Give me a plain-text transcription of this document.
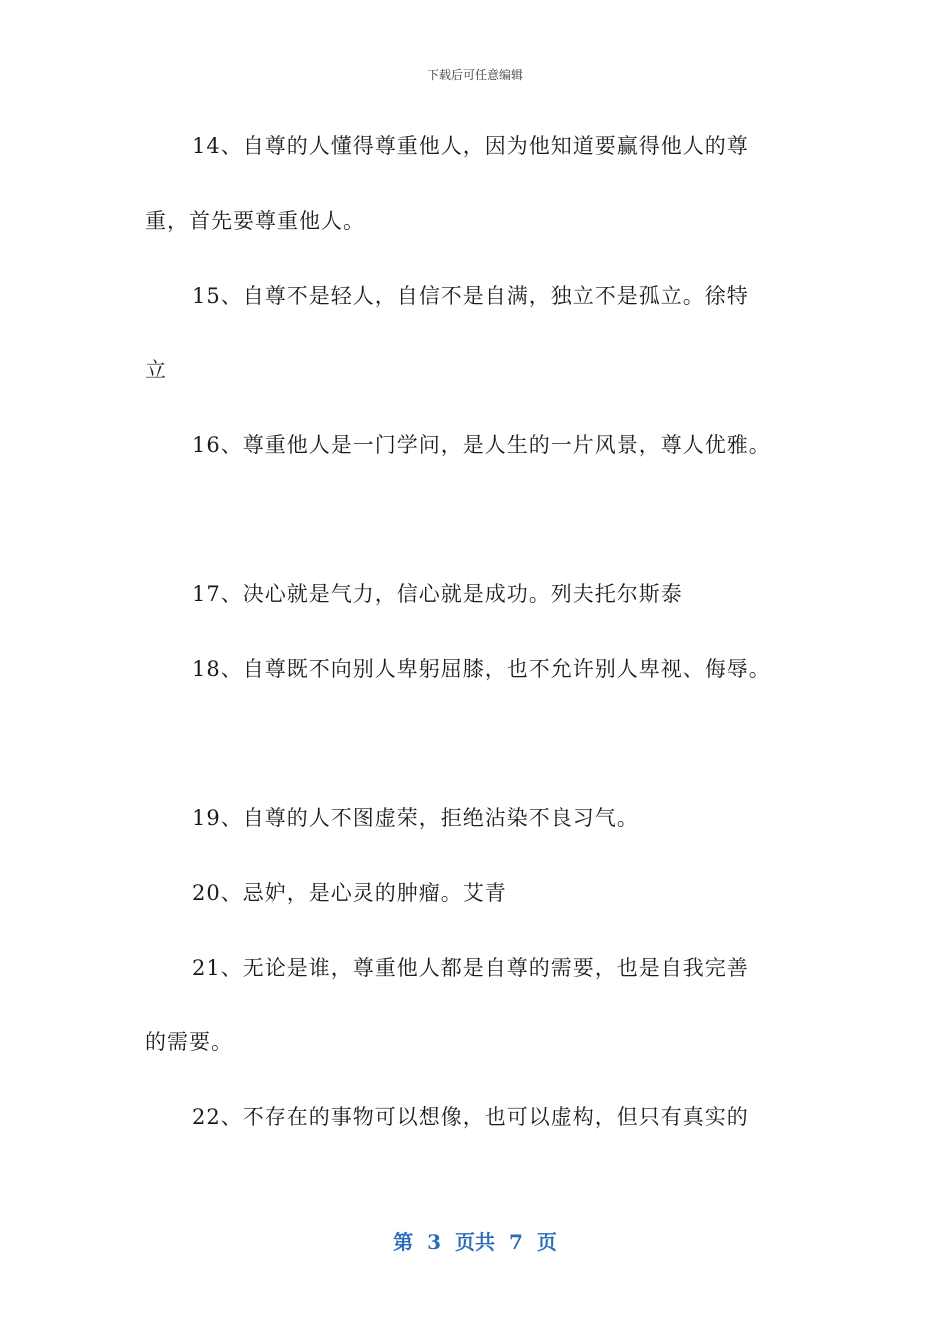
下载后可任意编辑
14、自尊的人懂得尊重他人，因为他知道要赢得他人的尊
重，首先要尊重他人。
15、自尊不是轻人，自信不是自满，独立不是孤立。徐特
立
16、尊重他人是一门学问，是人生的一片风景，尊人优雅。
17、决心就是气力，信心就是成功。列夫托尔斯泰
18、自尊既不向别人卑躬屈膝，也不允许别人卑视、侮辱。
19、自尊的人不图虚荣，拒绝沾染不良习气。
20、忌妒，是心灵的肿瘤。艾青
21、无论是谁，尊重他人都是自尊的需要，也是自我完善
的需要。
22、不存在的事物可以想像，也可以虚构，但只有真实的
第 3 页共 7 页
